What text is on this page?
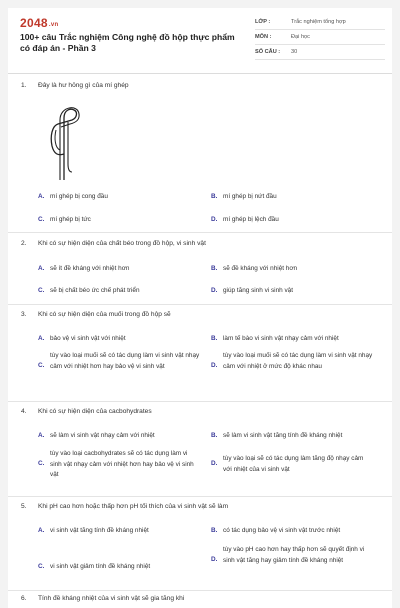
2048.vn
100+ câu Trắc nghiệm Công nghệ đồ hộp thực phẩm có đáp án - Phần 3
LỚP :	Trắc nghiệm tổng hợp
MÔN :	Đại học
SỐ CÂU : 30
1. Đây là hư hỏng gì của mí ghép
A. mí ghép bị cong đầu	B. mí ghép bị nứt đầu
C. mí ghép bị tức	D. mí ghép bị lệch đầu
2. Khi có sự hiện diện của chất béo trong đồ hộp, vi sinh vật
A. sẽ ít đề kháng với nhiệt hơn	B. sẽ đề kháng với nhiệt hơn
C. sẽ bị chất béo ức chế phát triển	D. giúp tăng sinh vi sinh vật
3. Khi có sự hiện diện của muối trong đồ hộp sẽ
A. bảo vệ vi sinh vật với nhiệt	B. làm tế bào vi sinh vật nhạy cảm với nhiệt
C.
tùy vào loại muối sẽ có tác dụng làm vi sinh vật nhạy cảm với nhiệt hơn hay bảo vệ vi sinh vật	D.
tùy vào loại muối sẽ có tác dụng làm vi sinh vật nhạy cảm với nhiệt ở mức độ khác nhau
4. Khi có sự hiện diện của cacbohydrates
A. sẽ làm vi sinh vật nhạy cảm với nhiệt	B. sẽ làm vi sinh vật tăng tính đề kháng nhiệt
C.
tùy vào loại cacbohydrates sẽ có tác dụng làm vi sinh vật nhạy cảm với nhiệt hơn hay bảo vệ vi sinh vật
D.
tùy vào loại sẽ có tác dụng làm tăng độ nhạy cảm với nhiệt của vi sinh vật
5. Khi pH cao hơn hoặc thấp hơn pH tối thích của vi sinh vật sẽ làm
A. vi sinh vật tăng tính đề kháng nhiệt	B. có tác dụng bảo vệ vi sinh vật trước nhiệt
C. vi sinh vật giảm tính đề kháng nhiệt
D.
tùy vào pH cao hơn hay thấp hơn sẽ quyết định vi sinh vật tăng hay giảm tính đề kháng nhiệt
6. Tính đề kháng nhiệt của vi sinh vật sẽ gia tăng khi
